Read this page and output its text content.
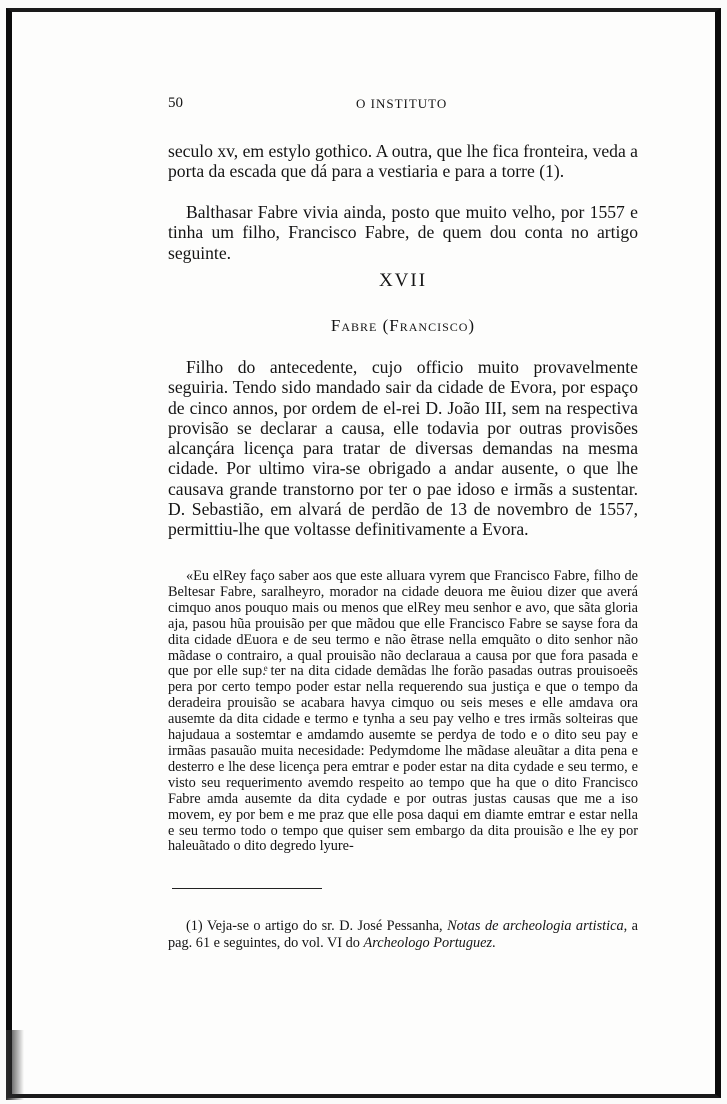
50	O INSTITUTO

seculo xv, em estylo gothico. A outra, que lhe fica fronteira, veda a porta da escada que dá para a vestiaria e para a torre (1).

Balthasar Fabre vivia ainda, posto que muito velho, por 1557 e tinha um filho, Francisco Fabre, de quem dou conta no artigo seguinte.

XVII
Fabre (Francisco)

Filho do antecedente, cujo officio muito provavelmente seguiria. Tendo sido mandado sair da cidade de Evora, por espaço de cinco annos, por ordem de el-rei D. João III, sem na respectiva provisão se declarar a causa, elle todavia por outras provisões alcançára licença para tratar de diversas demandas na mesma cidade. Por ultimo vira-se obrigado a andar ausente, o que lhe causava grande transtorno por ter o pae idoso e irmãs a sustentar. D. Sebastião, em alvará de perdão de 13 de novembro de 1557, permittiu-lhe que voltasse definitivamente a Evora.

«Eu elRey faço saber aos que este alluara vyrem que Francisco Fabre, filho de Beltesar Fabre, saralheyro, morador na cidade deuora me ẽuiou dizer que averá cimquo anos pouquo mais ou menos que elRey meu senhor e avo, que sãta gloria aja, pasou hũa prouisão per que mãdou que elle Francisco Fabre se sayse fora da dita cidade dEuora e de seu termo e não ẽtrase nella emquãto o dito senhor não mãdase o contrairo, a qual prouisão não declaraua a causa por que fora pasada e que por elle sup.ͤ ter na dita cidade demãdas lhe forão pasadas outras prouisoeẽs pera por certo tempo poder estar nella requerendo sua justiça e que o tempo da deradeira prouisão se acabara havya cimquo ou seis meses e elle amdava ora ausemte da dita cidade e termo e tynha a seu pay velho e tres irmãs solteiras que hajudaua a sostemtar e amdamdo ausemte se perdya de todo e o dito seu pay e irmãas pasauão muita necesidade: Pedymdome lhe mãdase aleuãtar a dita pena e desterro e lhe dese licença pera emtrar e poder estar na dita cydade e seu termo, e visto seu requerimento avemdo respeito ao tempo que ha que o dito Francisco Fabre amda ausemte da dita cydade e por outras justas causas que me a iso movem, ey por bem e me praz que elle posa daqui em diamte emtrar e estar nella e seu termo todo o tempo que quiser sem embargo da dita prouisão e lhe ey por haleuãtado o dito degredo lyure-

(1) Veja-se o artigo do sr. D. José Pessanha, Notas de archeologia artistica, a pag. 61 e seguintes, do vol. VI do Archeologo Portuguez.
